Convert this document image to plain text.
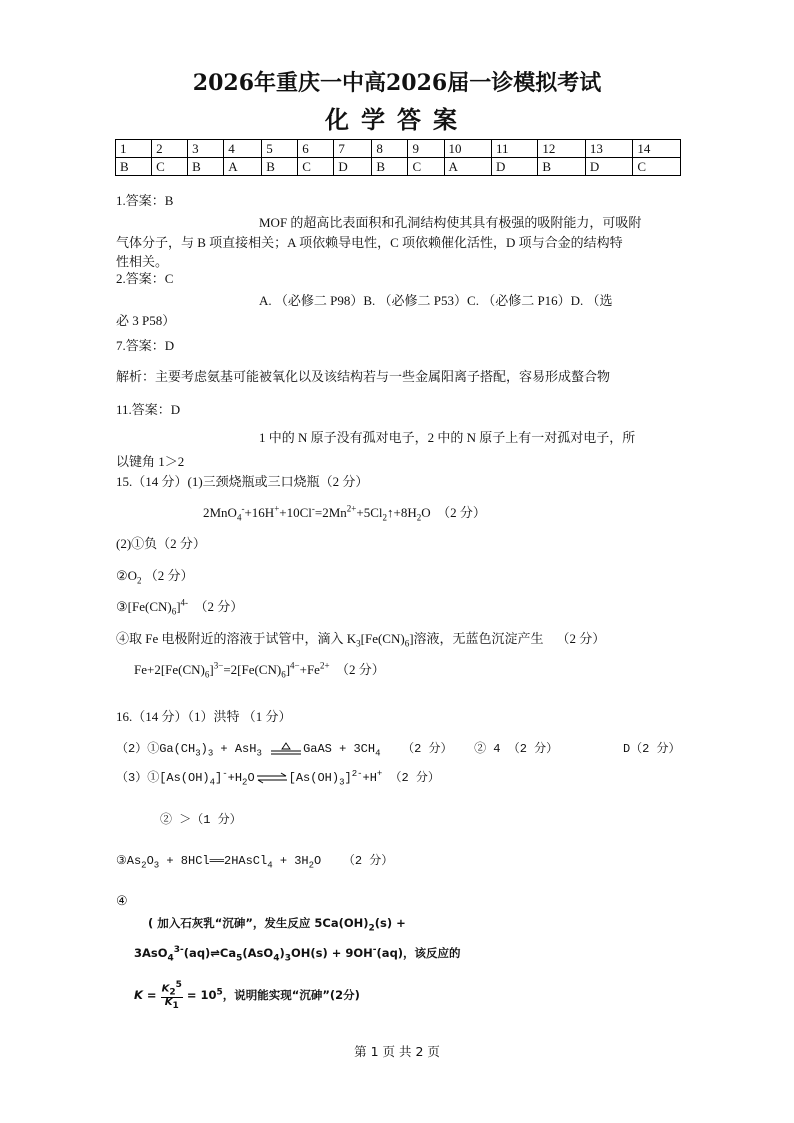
2026年重庆一中高2026届一诊模拟考试
化学答案
1	2	3	4	5	6	7	8	9	10	11	12	13	14
B	C	B	A	B	C	D	B	C	A	D	B	D	C
1.答案：B
MOF 的超高比表面积和孔洞结构使其具有极强的吸附能力，可吸附
气体分子，与 B 项直接相关；A 项依赖导电性，C 项依赖催化活性，D 项与合金的结构特
性相关。
2.答案：C
A. （必修二 P98）B. （必修二 P53）C. （必修二 P16）D. （选
必 3 P58）
7.答案：D
解析：主要考虑氨基可能被氧化以及该结构若与一些金属阳离子搭配，容易形成螯合物
11.答案：D
1 中的 N 原子没有孤对电子，2 中的 N 原子上有一对孤对电子，所
以键角 1＞2
15.（14 分）(1)三颈烧瓶或三口烧瓶（2 分）
$2MnO_4^-+16H^++10Cl^-=2Mn^{2+}+5Cl_2↑+8H_2O$  （2 分）
(2)①负（2 分）
$②O_2$ （2 分）
$③[Fe(CN)_6]^{4-}$ （2 分）
④取 Fe 电极附近的溶液于试管中，滴入 $K_3[Fe(CN)_6]$溶液，无蓝色沉淀产生 （2 分）
$Fe+2[Fe(CN)_6]^{3-}=2[Fe(CN)_6]^{4-}+Fe^{2+}$ （2 分）
16.（14 分）（1）洪特 （1 分）
$(2)①Ga(CH_3)_3 + AsH_3$	GaAS + $3CH_4$ （2 分） ② 4 （2 分）	D（2 分）
$(3)①[As(OH)_4]^-+H_2O\rightleftharpoons[As(OH)_3]^{2-}+H^+$ （2 分）
② ＞（1 分）
$③As_2O_3$ + 8HCl══2HAsCl$_4$ + $3H_2O$   （2 分）
④
( 加入石灰乳“沉砷”，发生反应 $5Ca(OH)_2(s)$ +
$3AsO_4^{3-}(aq)\rightleftharpoons Ca_5(AsO_4)_3OH(s) + 9OH^-(aq)$，该反应的
$K = \frac{K_2^5}{K_1} = 10^5$，说明能实现“沉砷”(2分)
第 1 页 共 2 页
